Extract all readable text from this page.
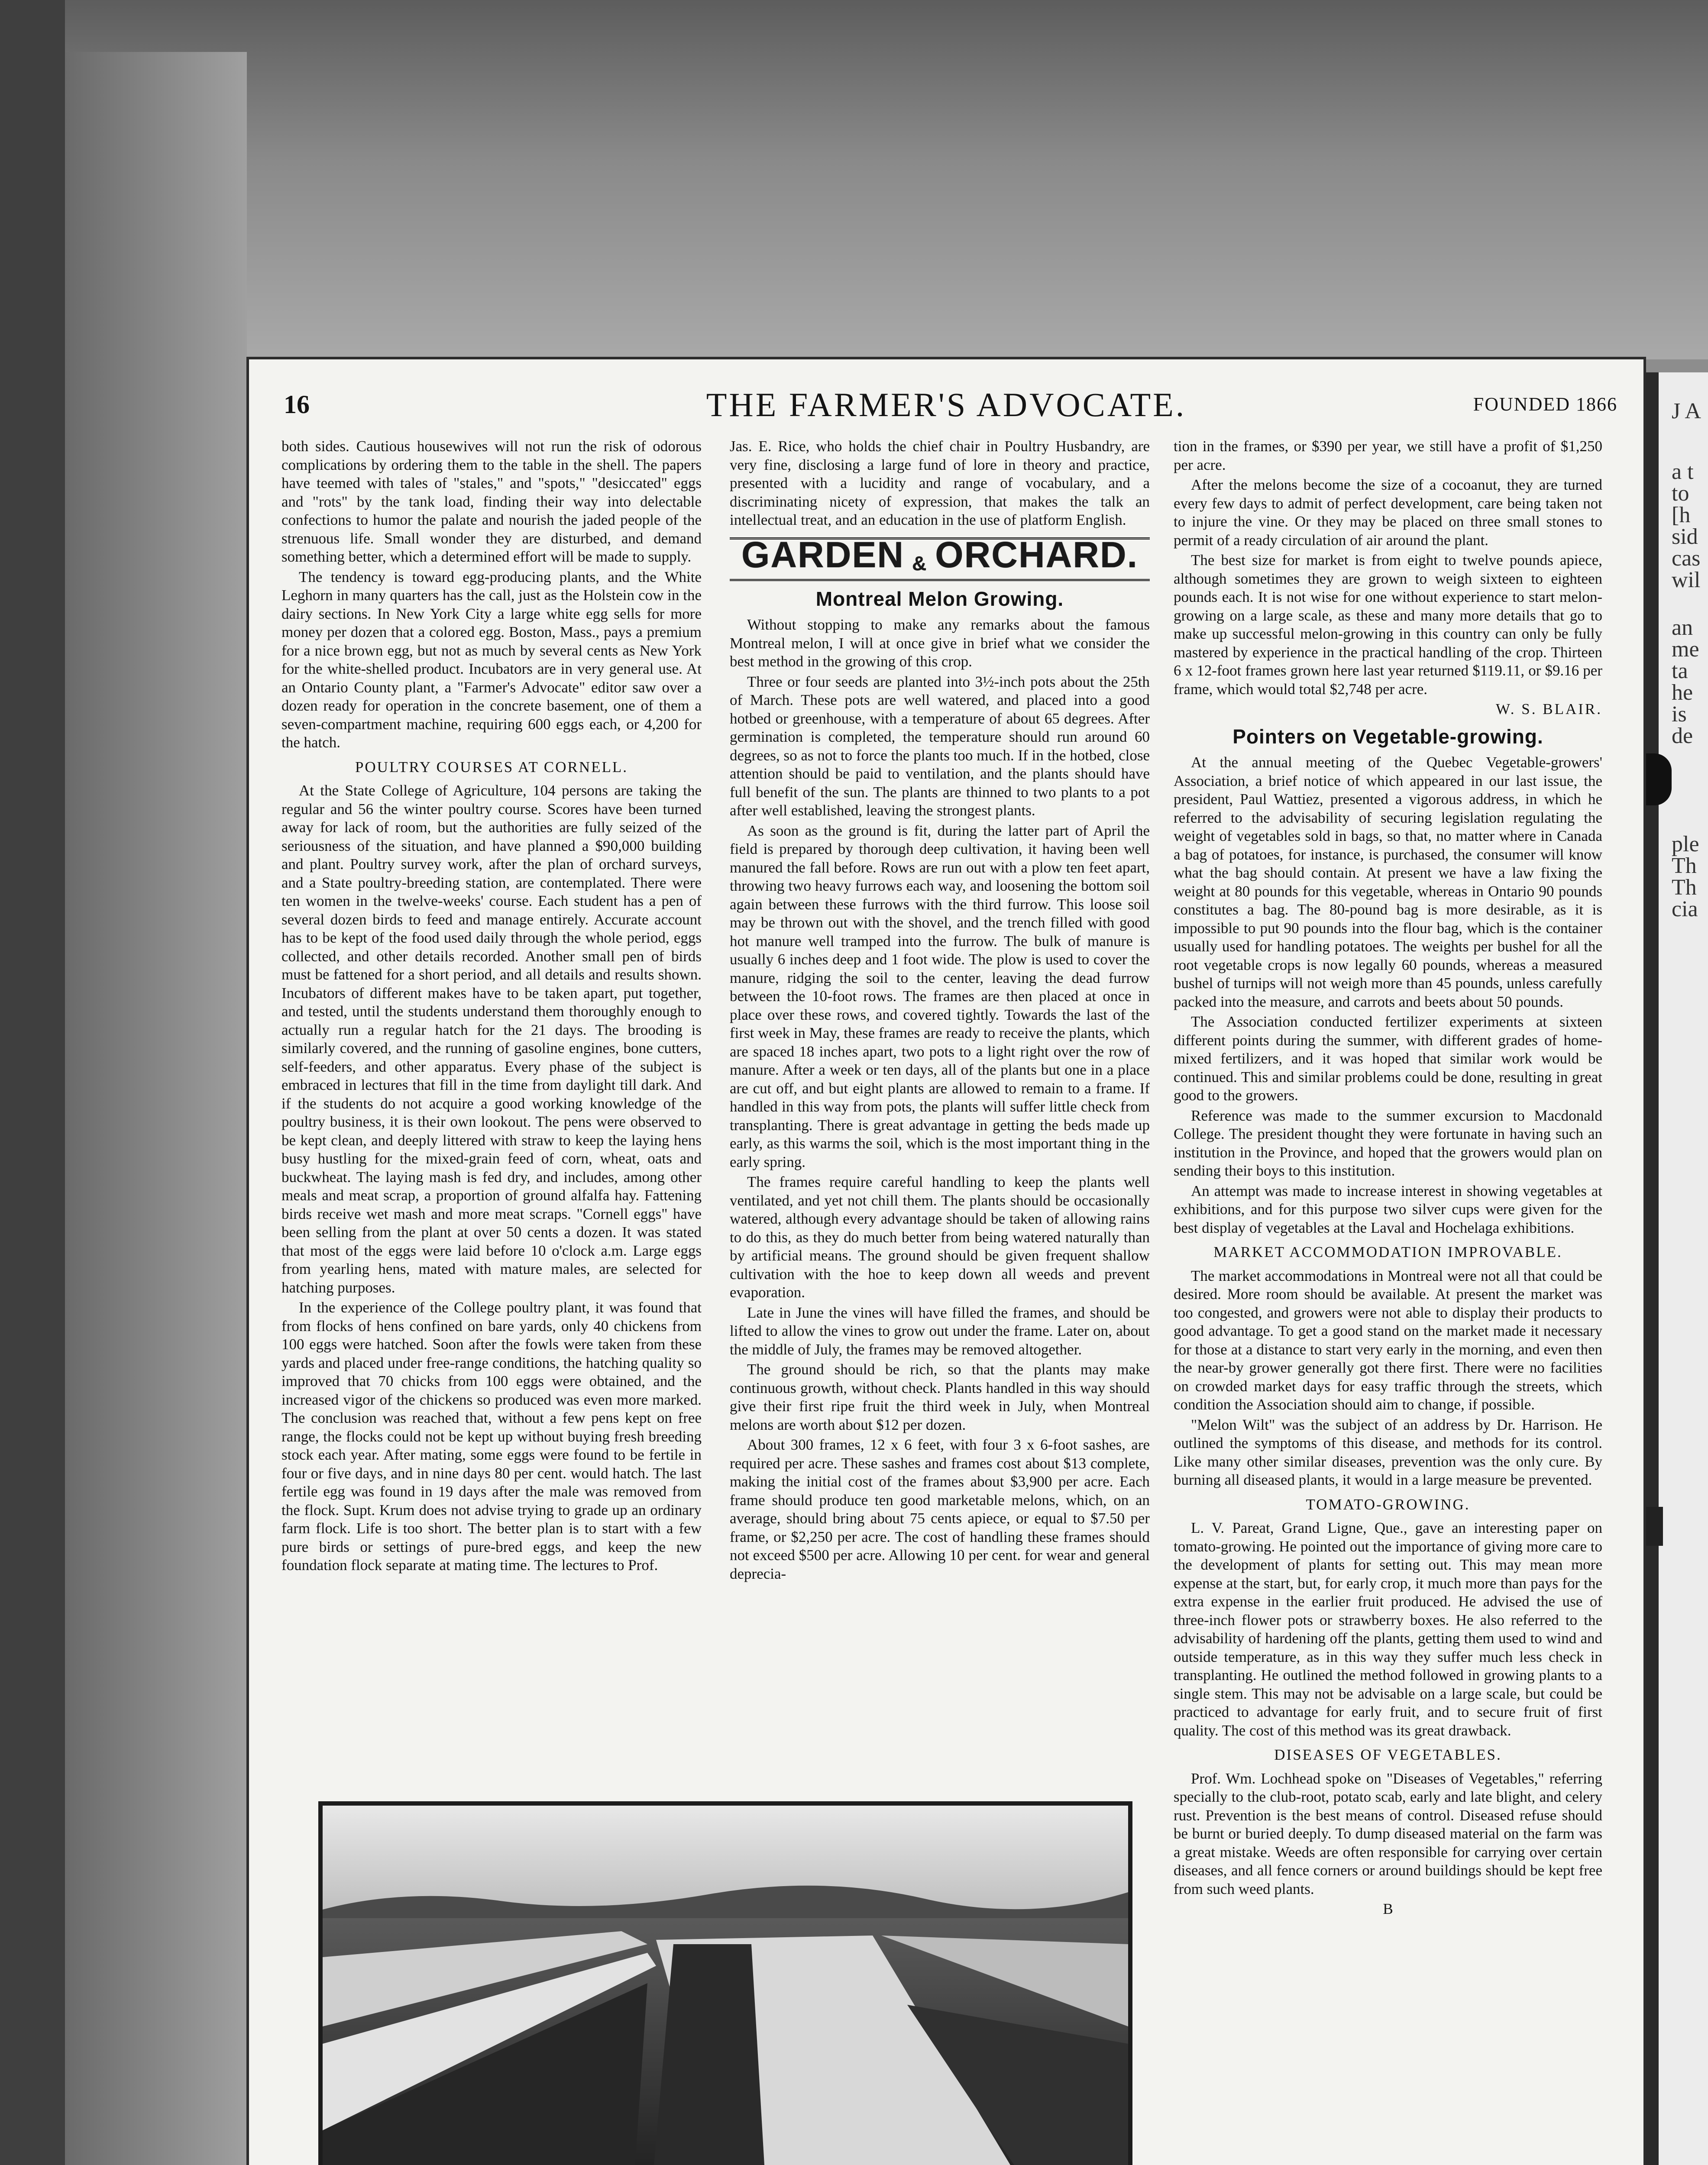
J A
a t
to
[h
sid
cas
wil
an
me
ta
he
is
de
ple
Th
Th
cia
16	THE FARMER'S ADVOCATE.	FOUNDED 1866

both sides. Cautious housewives will not run the risk of odorous complications by ordering them to the table in the shell. The papers have teemed with tales of "stales," and "spots," "desiccated" eggs and "rots" by the tank load, finding their way into delectable confections to humor the palate and nourish the jaded people of the strenuous life. Small wonder they are disturbed, and demand something better, which a determined effort will be made to supply.

The tendency is toward egg-producing plants, and the White Leghorn in many quarters has the call, just as the Holstein cow in the dairy sections. In New York City a large white egg sells for more money per dozen that a colored egg. Boston, Mass., pays a premium for a nice brown egg, but not as much by several cents as New York for the white-shelled product. Incubators are in very general use. At an Ontario County plant, a "Farmer's Advocate" editor saw over a dozen ready for operation in the concrete basement, one of them a seven-compartment machine, requiring 600 eggs each, or 4,200 for the hatch.

POULTRY COURSES AT CORNELL.

At the State College of Agriculture, 104 persons are taking the regular and 56 the winter poultry course. Scores have been turned away for lack of room, but the authorities are fully seized of the seriousness of the situation, and have planned a $90,000 building and plant. Poultry survey work, after the plan of orchard surveys, and a State poultry-breeding station, are contemplated. There were ten women in the twelve-weeks' course. Each student has a pen of several dozen birds to feed and manage entirely. Accurate account has to be kept of the food used daily through the whole period, eggs collected, and other details recorded. Another small pen of birds must be fattened for a short period, and all details and results shown. Incubators of different makes have to be taken apart, put together, and tested, until the students understand them thoroughly enough to actually run a regular hatch for the 21 days. The brooding is similarly covered, and the running of gasoline engines, bone cutters, self-feeders, and other apparatus. Every phase of the subject is embraced in lectures that fill in the time from daylight till dark. And if the students do not acquire a good working knowledge of the poultry business, it is their own lookout. The pens were observed to be kept clean, and deeply littered with straw to keep the laying hens busy hustling for the mixed-grain feed of corn, wheat, oats and buckwheat. The laying mash is fed dry, and includes, among other meals and meat scrap, a proportion of ground alfalfa hay. Fattening birds receive wet mash and more meat scraps. "Cornell eggs" have been selling from the plant at over 50 cents a dozen. It was stated that most of the eggs were laid before 10 o'clock a.m. Large eggs from yearling hens, mated with mature males, are selected for hatching purposes.

In the experience of the College poultry plant, it was found that from flocks of hens confined on bare yards, only 40 chickens from 100 eggs were hatched. Soon after the fowls were taken from these yards and placed under free-range conditions, the hatching quality so improved that 70 chicks from 100 eggs were obtained, and the increased vigor of the chickens so produced was even more marked. The conclusion was reached that, without a few pens kept on free range, the flocks could not be kept up without buying fresh breeding stock each year. After mating, some eggs were found to be fertile in four or five days, and in nine days 80 per cent. would hatch. The last fertile egg was found in 19 days after the male was removed from the flock. Supt. Krum does not advise trying to grade up an ordinary farm flock. Life is too short. The better plan is to start with a few pure birds or settings of pure-bred eggs, and keep the new foundation flock separate at mating time. The lectures to Prof.

Jas. E. Rice, who holds the chief chair in Poultry Husbandry, are very fine, disclosing a large fund of lore in theory and practice, presented with a lucidity and range of vocabulary, and a discriminating nicety of expression, that makes the talk an intellectual treat, and an education in the use of platform English.

GARDEN & ORCHARD.
Montreal Melon Growing.

Without stopping to make any remarks about the famous Montreal melon, I will at once give in brief what we consider the best method in the growing of this crop.

Three or four seeds are planted into 3½-inch pots about the 25th of March. These pots are well watered, and placed into a good hotbed or greenhouse, with a temperature of about 65 degrees. After germination is completed, the temperature should run around 60 degrees, so as not to force the plants too much. If in the hotbed, close attention should be paid to ventilation, and the plants should have full benefit of the sun. The plants are thinned to two plants to a pot after well established, leaving the strongest plants.

As soon as the ground is fit, during the latter part of April the field is prepared by thorough deep cultivation, it having been well manured the fall before. Rows are run out with a plow ten feet apart, throwing two heavy furrows each way, and loosening the bottom soil again between these furrows with the third furrow. This loose soil may be thrown out with the shovel, and the trench filled with good hot manure well tramped into the furrow. The bulk of manure is usually 6 inches deep and 1 foot wide. The plow is used to cover the manure, ridging the soil to the center, leaving the dead furrow between the 10-foot rows. The frames are then placed at once in place over these rows, and covered tightly. Towards the last of the first week in May, these frames are ready to receive the plants, which are spaced 18 inches apart, two pots to a light right over the row of manure. After a week or ten days, all of the plants but one in a place are cut off, and but eight plants are allowed to remain to a frame. If handled in this way from pots, the plants will suffer little check from transplanting. There is great advantage in getting the beds made up early, as this warms the soil, which is the most important thing in the early spring.

The frames require careful handling to keep the plants well ventilated, and yet not chill them. The plants should be occasionally watered, although every advantage should be taken of allowing rains to do this, as they do much better from being watered naturally than by artificial means. The ground should be given frequent shallow cultivation with the hoe to keep down all weeds and prevent evaporation.

Late in June the vines will have filled the frames, and should be lifted to allow the vines to grow out under the frame. Later on, about the middle of July, the frames may be removed altogether.

The ground should be rich, so that the plants may make continuous growth, without check. Plants handled in this way should give their first ripe fruit the third week in July, when Montreal melons are worth about $12 per dozen.

About 300 frames, 12 x 6 feet, with four 3 x 6-foot sashes, are required per acre. These sashes and frames cost about $13 complete, making the initial cost of the frames about $3,900 per acre. Each frame should produce ten good marketable melons, which, on an average, should bring about 75 cents apiece, or equal to $7.50 per frame, or $2,250 per acre. The cost of handling these frames should not exceed $500 per acre. Allowing 10 per cent. for wear and general deprecia-

tion in the frames, or $390 per year, we still have a profit of $1,250 per acre.

After the melons become the size of a cocoanut, they are turned every few days to admit of perfect development, care being taken not to injure the vine. Or they may be placed on three small stones to permit of a ready circulation of air around the plant.

The best size for market is from eight to twelve pounds apiece, although sometimes they are grown to weigh sixteen to eighteen pounds each. It is not wise for one without experience to start melon-growing on a large scale, as these and many more details that go to make up successful melon-growing in this country can only be fully mastered by experience in the practical handling of the crop. Thirteen 6 x 12-foot frames grown here last year returned $119.11, or $9.16 per frame, which would total $2,748 per acre.

W. S. BLAIR.

Pointers on Vegetable-growing.

At the annual meeting of the Quebec Vegetable-growers' Association, a brief notice of which appeared in our last issue, the president, Paul Wattiez, presented a vigorous address, in which he referred to the advisability of securing legislation regulating the weight of vegetables sold in bags, so that, no matter where in Canada a bag of potatoes, for instance, is purchased, the consumer will know what the bag should contain. At present we have a law fixing the weight at 80 pounds for this vegetable, whereas in Ontario 90 pounds constitutes a bag. The 80-pound bag is more desirable, as it is impossible to put 90 pounds into the flour bag, which is the container usually used for handling potatoes. The weights per bushel for all the root vegetable crops is now legally 60 pounds, whereas a measured bushel of turnips will not weigh more than 45 pounds, unless carefully packed into the measure, and carrots and beets about 50 pounds.

The Association conducted fertilizer experiments at sixteen different points during the summer, with different grades of home-mixed fertilizers, and it was hoped that similar work would be continued. This and similar problems could be done, resulting in great good to the growers.

Reference was made to the summer excursion to Macdonald College. The president thought they were fortunate in having such an institution in the Province, and hoped that the growers would plan on sending their boys to this institution.

An attempt was made to increase interest in showing vegetables at exhibitions, and for this purpose two silver cups were given for the best display of vegetables at the Laval and Hochelaga exhibitions.

MARKET ACCOMMODATION IMPROVABLE.

The market accommodations in Montreal were not all that could be desired. More room should be available. At present the market was too congested, and growers were not able to display their products to good advantage. To get a good stand on the market made it necessary for those at a distance to start very early in the morning, and even then the near-by grower generally got there first. There were no facilities on crowded market days for easy traffic through the streets, which condition the Association should aim to change, if possible.

"Melon Wilt" was the subject of an address by Dr. Harrison. He outlined the symptoms of this disease, and methods for its control. Like many other similar diseases, prevention was the only cure. By burning all diseased plants, it would in a large measure be prevented.

TOMATO-GROWING.

L. V. Pareat, Grand Ligne, Que., gave an interesting paper on tomato-growing. He pointed out the importance of giving more care to the development of plants for setting out. This may mean more expense at the start, but, for early crop, it much more than pays for the extra expense in the earlier fruit produced. He advised the use of three-inch flower pots or strawberry boxes. He also referred to the advisability of hardening off the plants, getting them used to wind and outside temperature, as in this way they suffer much less check in transplanting. He outlined the method followed in growing plants to a single stem. This may not be advisable on a large scale, but could be practiced to advantage for early fruit, and to secure fruit of first quality. The cost of this method was its great drawback.

DISEASES OF VEGETABLES.

Prof. Wm. Lochhead spoke on "Diseases of Vegetables," referring specially to the club-root, potato scab, early and late blight, and celery rust. Prevention is the best means of control. Diseased refuse should be burnt or buried deeply. To dump diseased material on the farm was a great mistake. Weeds are often responsible for carrying over certain diseases, and all fence corners or around buildings should be kept free from such weed plants.

B
